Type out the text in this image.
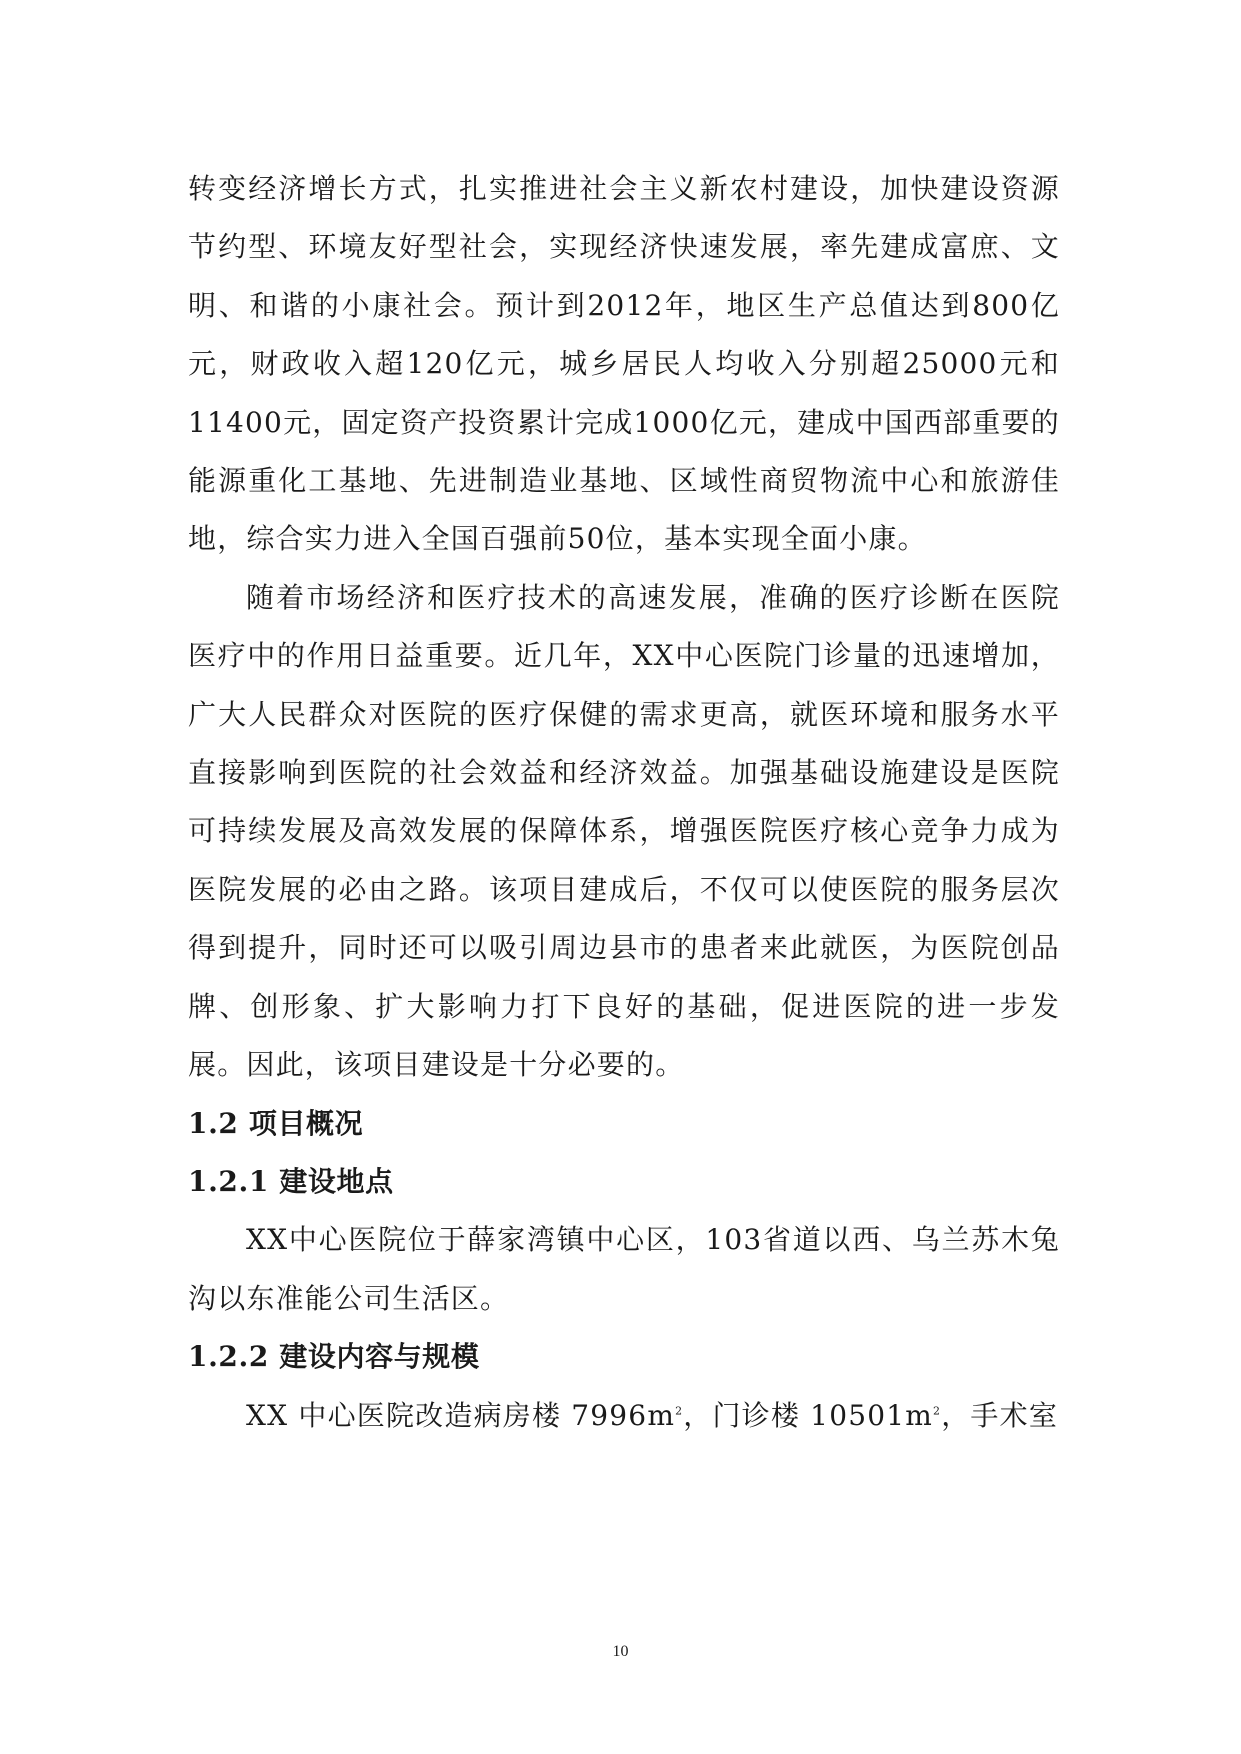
转变经济增长方式，扎实推进社会主义新农村建设，加快建设资源节约型、环境友好型社会，实现经济快速发展，率先建成富庶、文明、和谐的小康社会。预计到2012年，地区生产总值达到800亿元，财政收入超120亿元，城乡居民人均收入分别超25000元和11400元，固定资产投资累计完成1000亿元，建成中国西部重要的能源重化工基地、先进制造业基地、区域性商贸物流中心和旅游佳地，综合实力进入全国百强前50位，基本实现全面小康。

随着市场经济和医疗技术的高速发展，准确的医疗诊断在医院医疗中的作用日益重要。近几年，XX中心医院门诊量的迅速增加，广大人民群众对医院的医疗保健的需求更高，就医环境和服务水平直接影响到医院的社会效益和经济效益。加强基础设施建设是医院可持续发展及高效发展的保障体系，增强医院医疗核心竞争力成为医院发展的必由之路。该项目建成后，不仅可以使医院的服务层次得到提升，同时还可以吸引周边县市的患者来此就医，为医院创品牌、创形象、扩大影响力打下良好的基础，促进医院的进一步发展。因此，该项目建设是十分必要的。

1.2 项目概况

1.2.1 建设地点

XX中心医院位于薛家湾镇中心区，103省道以西、乌兰苏木兔沟以东准能公司生活区。

1.2.2 建设内容与规模

XX 中心医院改造病房楼 $7996m^2$，门诊楼 $10501m^2$，手术室

10
